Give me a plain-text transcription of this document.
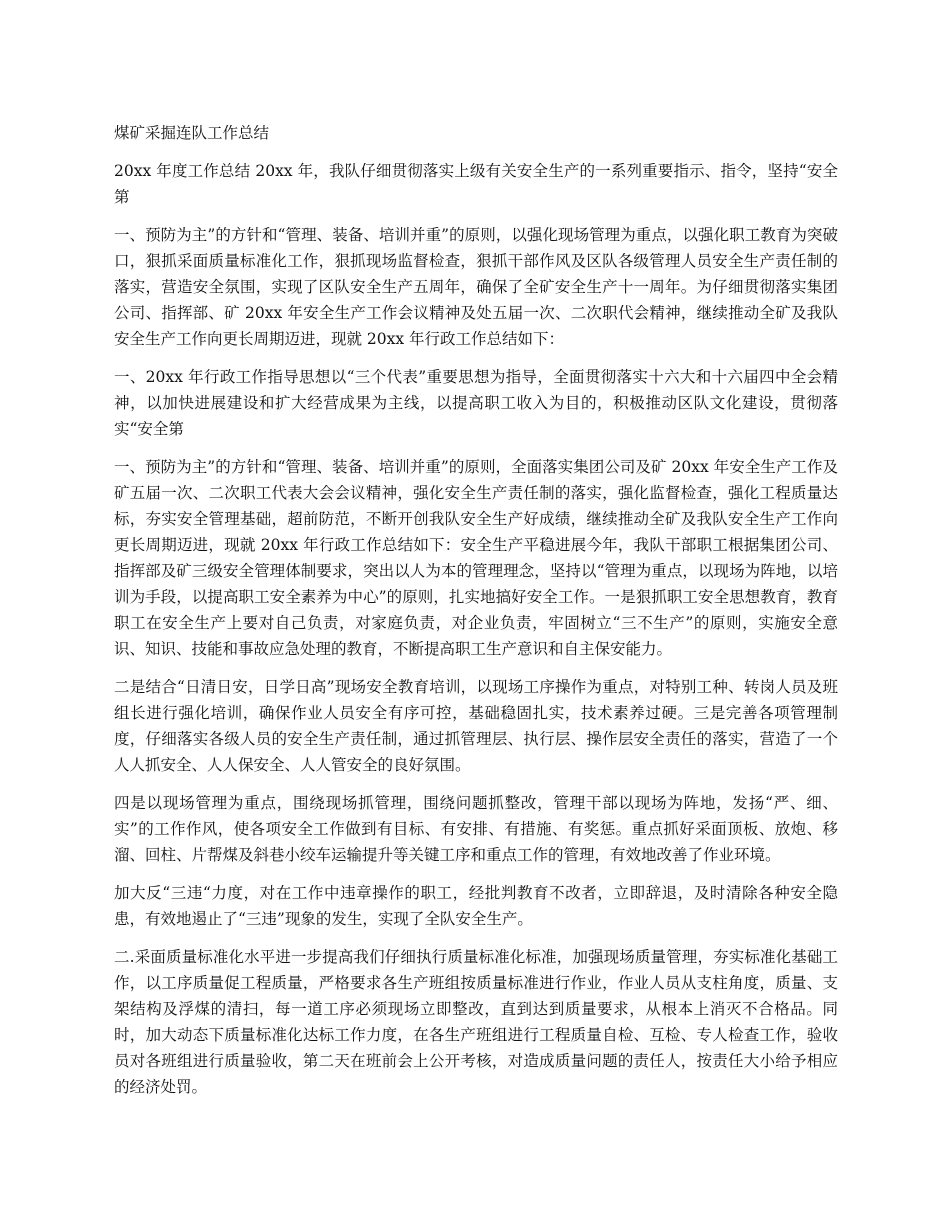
煤矿采掘连队工作总结

20xx 年度工作总结 20xx 年，我队仔细贯彻落实上级有关安全生产的一系列重要指示、指令，坚持“安全第

一、预防为主”的方针和“管理、装备、培训并重”的原则，以强化现场管理为重点，以强化职工教育为突破口，狠抓采面质量标准化工作，狠抓现场监督检查，狠抓干部作风及区队各级管理人员安全生产责任制的落实，营造安全氛围，实现了区队安全生产五周年，确保了全矿安全生产十一周年。为仔细贯彻落实集团公司、指挥部、矿 20xx 年安全生产工作会议精神及处五届一次、二次职代会精神，继续推动全矿及我队安全生产工作向更长周期迈进，现就 20xx 年行政工作总结如下：

一、20xx 年行政工作指导思想以“三个代表”重要思想为指导，全面贯彻落实十六大和十六届四中全会精神，以加快进展建设和扩大经营成果为主线，以提高职工收入为目的，积极推动区队文化建设，贯彻落实“安全第

一、预防为主”的方针和“管理、装备、培训并重”的原则，全面落实集团公司及矿 20xx 年安全生产工作及矿五届一次、二次职工代表大会会议精神，强化安全生产责任制的落实，强化监督检查，强化工程质量达标，夯实安全管理基础，超前防范，不断开创我队安全生产好成绩，继续推动全矿及我队安全生产工作向更长周期迈进，现就 20xx 年行政工作总结如下：安全生产平稳进展今年，我队干部职工根据集团公司、指挥部及矿三级安全管理体制要求，突出以人为本的管理理念，坚持以“管理为重点，以现场为阵地，以培训为手段，以提高职工安全素养为中心”的原则，扎实地搞好安全工作。一是狠抓职工安全思想教育，教育职工在安全生产上要对自己负责，对家庭负责，对企业负责，牢固树立“三不生产”的原则，实施安全意识、知识、技能和事故应急处理的教育，不断提高职工生产意识和自主保安能力。

二是结合“日清日安，日学日高”现场安全教育培训，以现场工序操作为重点，对特别工种、转岗人员及班组长进行强化培训，确保作业人员安全有序可控，基础稳固扎实，技术素养过硬。三是完善各项管理制度，仔细落实各级人员的安全生产责任制，通过抓管理层、执行层、操作层安全责任的落实，营造了一个人人抓安全、人人保安全、人人管安全的良好氛围。

四是以现场管理为重点，围绕现场抓管理，围绕问题抓整改，管理干部以现场为阵地，发扬“严、细、实”的工作作风，使各项安全工作做到有目标、有安排、有措施、有奖惩。重点抓好采面顶板、放炮、移溜、回柱、片帮煤及斜巷小绞车运输提升等关键工序和重点工作的管理，有效地改善了作业环境。

加大反“三违“力度，对在工作中违章操作的职工，经批判教育不改者，立即辞退，及时清除各种安全隐患，有效地遏止了“三违”现象的发生，实现了全队安全生产。

二.采面质量标准化水平进一步提高我们仔细执行质量标准化标准，加强现场质量管理，夯实标准化基础工作，以工序质量促工程质量，严格要求各生产班组按质量标准进行作业，作业人员从支柱角度，质量、支架结构及浮煤的清扫，每一道工序必须现场立即整改，直到达到质量要求，从根本上消灭不合格品。同时，加大动态下质量标准化达标工作力度，在各生产班组进行工程质量自检、互检、专人检查工作，验收员对各班组进行质量验收，第二天在班前会上公开考核，对造成质量问题的责任人，按责任大小给予相应的经济处罚。
